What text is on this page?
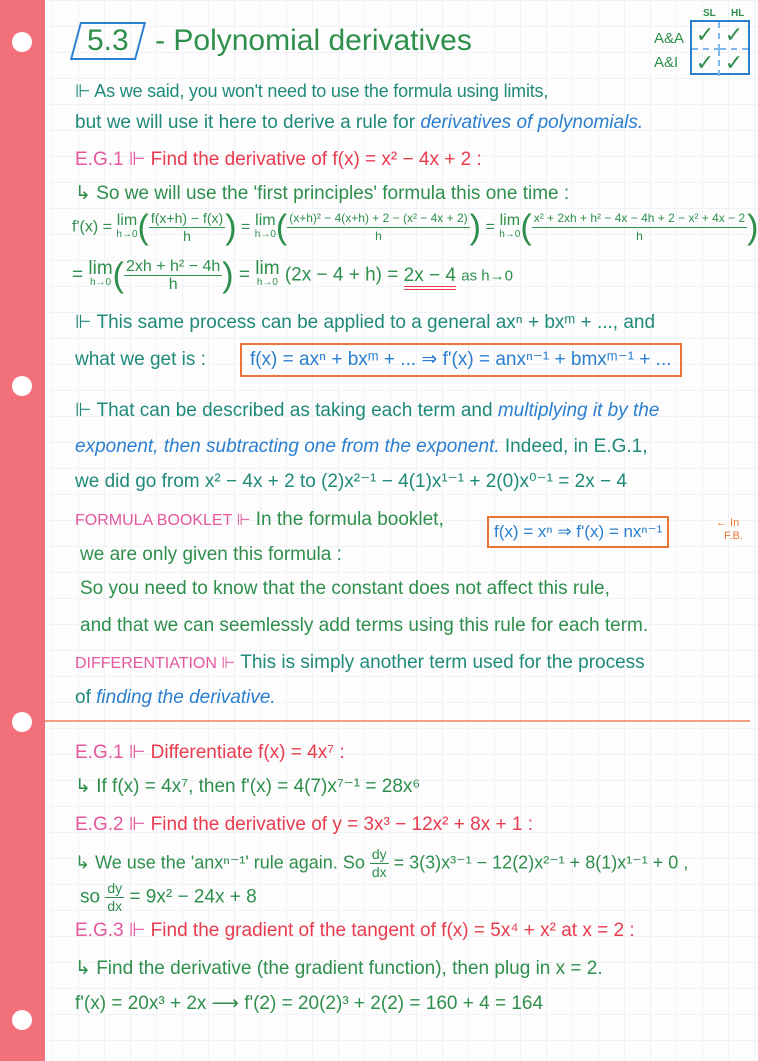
5.3 - Polynomial derivatives
SL HL
A&A
A&I
✓ ✓
✓ ✓
⊩ As we said, you won't need to use the formula using limits,
but we will use it here to derive a rule for derivatives of polynomials.
E.G.1 ⊩ Find the derivative of f(x) = x² − 4x + 2 :
↳ So we will use the 'first principles' formula this one time :
f'(x) = lim
h→0 ( $\frac{f(x+h) - f(x)}{h}$ ) = lim
h→0 ( $\frac{\text{(x+h)² − 4(x+h) + 2 − (x² − 4x + 2)}}{h}$ ) = lim
h→0 ( $\frac{\text{x² + 2xh + h² − 4x − 4h + 2 − x² + 4x − 2}}{h}$ )
= lim
h→0 ( $\frac{\text{2xh + h² − 4h}}{h}$ ) = lim
h→0 (2x − 4 + h) = 2x − 4 as h→0
⊩ This same process can be applied to a general axⁿ + bxᵐ + ..., and
what we get is : f(x) = axⁿ + bxᵐ + ... ⇒ f'(x) = anxⁿ⁻¹ + bmxᵐ⁻¹ + ...
⊩ That can be described as taking each term and multiplying it by the
exponent, then subtracting one from the exponent. Indeed, in E.G.1,
we did go from x² − 4x + 2 to (2)x²⁻¹ − 4(1)x¹⁻¹ + 2(0)x⁰⁻¹ = 2x − 4
FORMULA BOOKLET ⊩ In the formula booklet,
f(x) = xⁿ ⇒ f'(x) = nxⁿ⁻¹	← In
F.B.
we are only given this formula :
So you need to know that the constant does not affect this rule,
and that we can seemlessly add terms using this rule for each term.
DIFFERENTIATION ⊩ This is simply another term used for the process
of finding the derivative.
E.G.1 ⊩ Differentiate f(x) = 4x⁷ :
↳ If f(x) = 4x⁷, then f'(x) = 4(7)x⁷⁻¹ = 28x⁶
E.G.2 ⊩ Find the derivative of y = 3x³ − 12x² + 8x + 1 :
↳ We use the 'anxⁿ⁻¹' rule again. So $\frac{dy}{dx} = 3(3)x^{3-1} - 12(2)x^{2-1} + 8(1)x^{1-1} + 0$ ,
so $\frac{dy}{dx} = 9x^2 - 24x + 8$
E.G.3 ⊩ Find the gradient of the tangent of f(x) = 5x⁴ + x² at x = 2 :
↳ Find the derivative (the gradient function), then plug in x = 2.
f'(x) = 20x³ + 2x ⟶ f'(2) = 20(2)³ + 2(2) = 160 + 4 = 164
